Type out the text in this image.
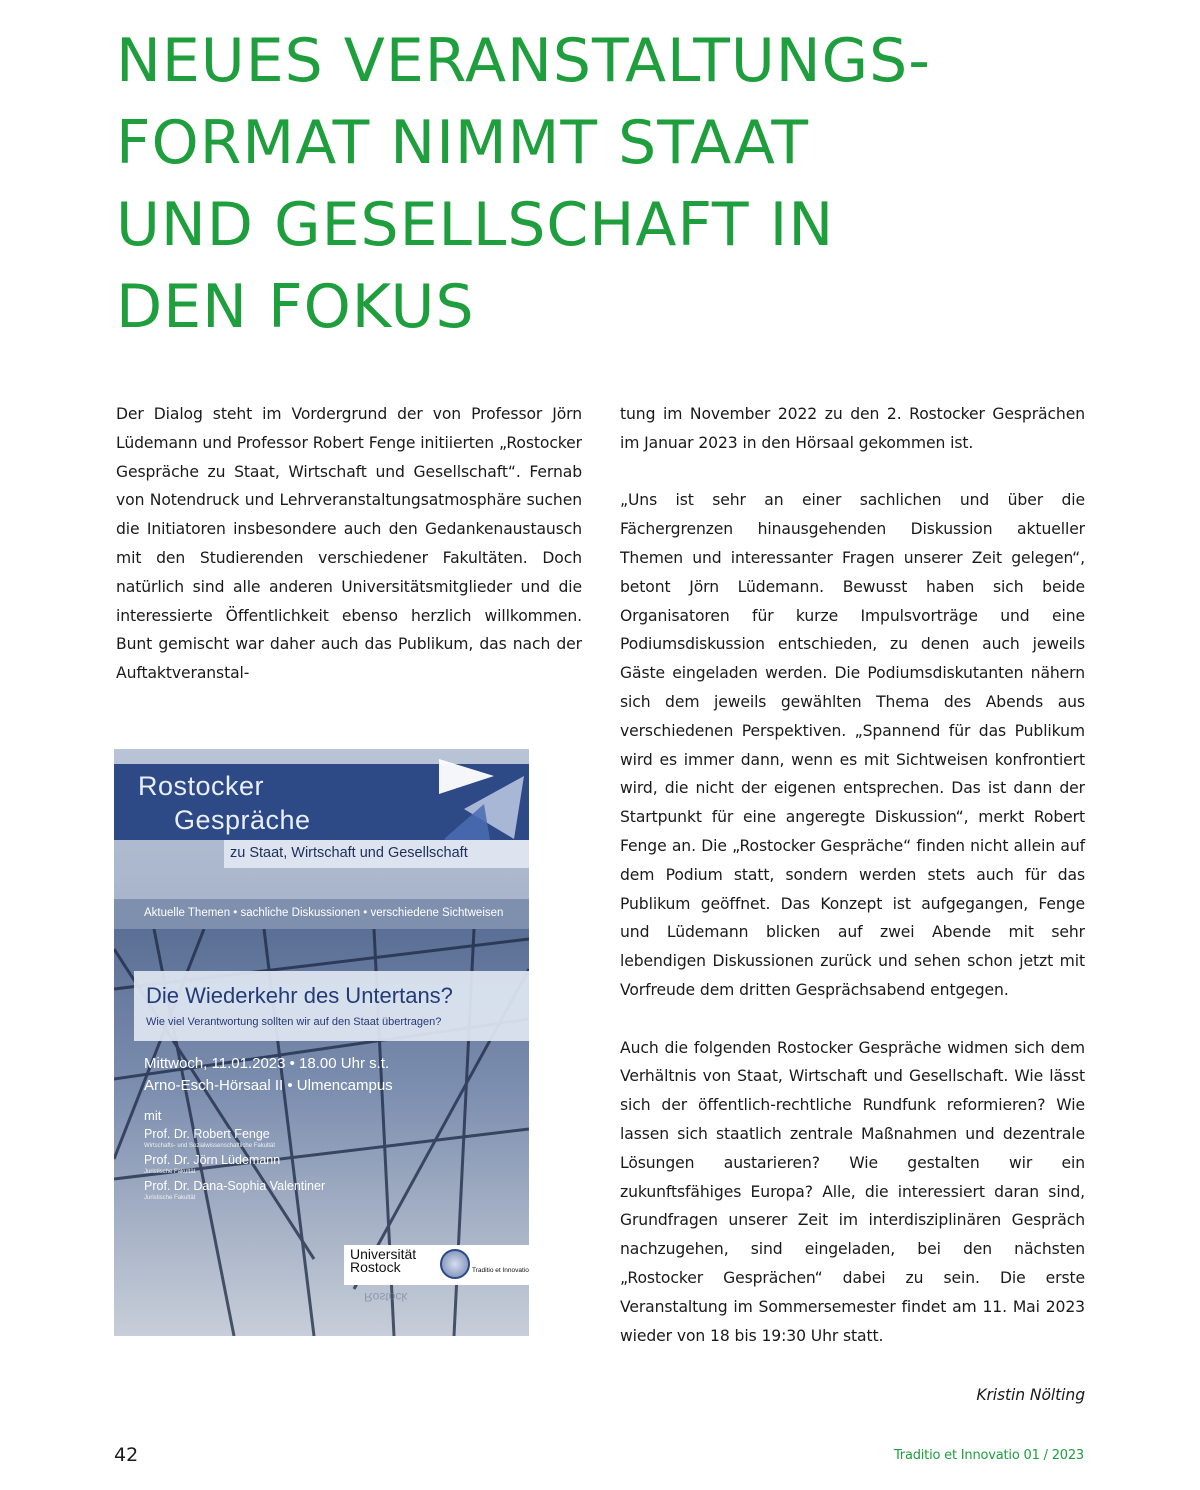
NEUES VERANSTALTUNGS-
FORMAT NIMMT STAAT
UND GESELLSCHAFT IN
DEN FOKUS

Der Dialog steht im Vordergrund der von Professor Jörn Lüdemann und Professor Robert Fenge initiierten „Rostocker Gespräche zu Staat, Wirtschaft und Gesellschaft“. Fernab von Notendruck und Lehrveranstaltungsatmosphäre suchen die Initiatoren insbesondere auch den Gedankenaustausch mit den Studierenden verschiedener Fakultäten. Doch natürlich sind alle anderen Universitätsmitglieder und die interessierte Öffentlichkeit ebenso herzlich willkommen. Bunt gemischt war daher auch das Publikum, das nach der Auftaktveranstal-

tung im November 2022 zu den 2. Rostocker Gesprächen im Januar 2023 in den Hörsaal gekommen ist.

„Uns ist sehr an einer sachlichen und über die Fächergrenzen hinausgehenden Diskussion aktueller Themen und interessanter Fragen unserer Zeit gelegen“, betont Jörn Lüdemann. Bewusst haben sich beide Organisatoren für kurze Impulsvorträge und eine Podiumsdiskussion entschieden, zu denen auch jeweils Gäste eingeladen werden. Die Podiumsdiskutanten nähern sich dem jeweils gewählten Thema des Abends aus verschiedenen Perspektiven. „Spannend für das Publikum wird es immer dann, wenn es mit Sichtweisen konfrontiert wird, die nicht der eigenen entsprechen. Das ist dann der Startpunkt für eine angeregte Diskussion“, merkt Robert Fenge an. Die „Rostocker Gespräche“ finden nicht allein auf dem Podium statt, sondern werden stets auch für das Publikum geöffnet. Das Konzept ist aufgegangen, Fenge und Lüdemann blicken auf zwei Abende mit sehr lebendigen Diskussionen zurück und sehen schon jetzt mit Vorfreude dem dritten Gesprächsabend entgegen.

Auch die folgenden Rostocker Gespräche widmen sich dem Verhältnis von Staat, Wirtschaft und Gesellschaft. Wie lässt sich der öffentlich-rechtliche Rundfunk reformieren? Wie lassen sich staatlich zentrale Maßnahmen und dezentrale Lösungen austarieren? Wie gestalten wir ein zukunftsfähiges Europa? Alle, die interessiert daran sind, Grundfragen unserer Zeit im interdisziplinären Gespräch nachzugehen, sind eingeladen, bei den nächsten „Rostocker Gesprächen“ dabei zu sein. Die erste Veranstaltung im Sommersemester findet am 11. Mai 2023 wieder von 18 bis 19:30 Uhr statt.

Kristin Nölting

Rostocker
Gespräche
zu Staat, Wirtschaft und Gesellschaft
Aktuelle Themen • sachliche Diskussionen • verschiedene Sichtweisen
Die Wiederkehr des Untertans?
Wie viel Verantwortung sollten wir auf den Staat übertragen?
Mittwoch, 11.01.2023 • 18.00 Uhr s.t.
Arno-Esch-Hörsaal II • Ulmencampus
mit
Prof. Dr. Robert Fenge
Wirtschafts- und Sozialwissenschaftliche Fakultät
Prof. Dr. Jörn Lüdemann
Juristische Fakultät
Prof. Dr. Dana-Sophia Valentiner
Juristische Fakultät
Universität
Rostock	Traditio et Innovatio
Rostock
42	Traditio et Innovatio 01 / 2023
